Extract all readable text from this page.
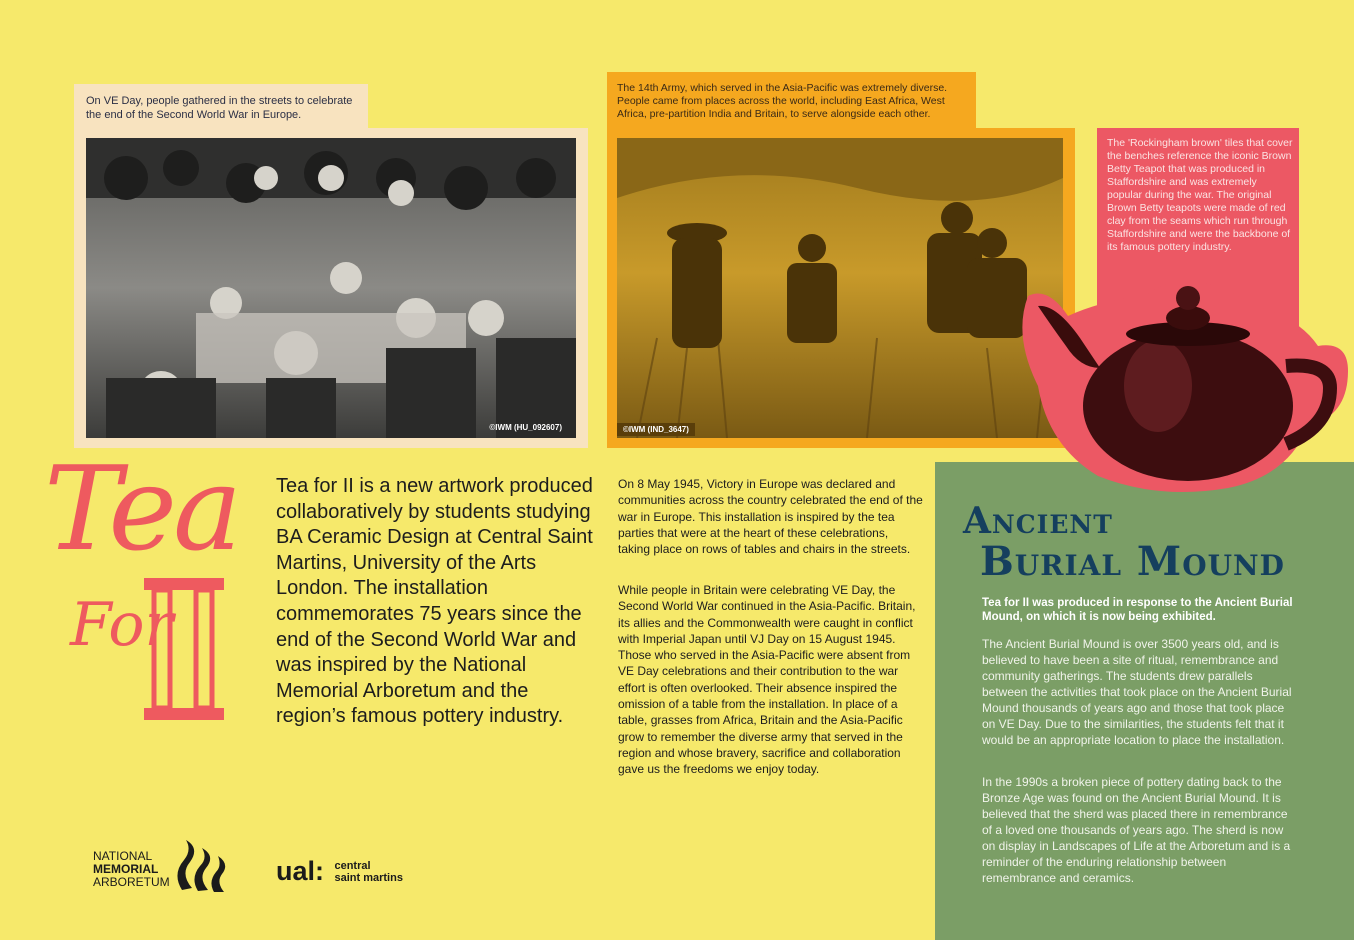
On VE Day, people gathered in the streets to celebrate the end of the Second World War in Europe.
©IWM (HU_092607)
The 14th Army, which served in the Asia-Pacific was extremely diverse. People came from places across the world, including East Africa, West Africa, pre-partition India and Britain, to serve alongside each other.
©IWM (IND_3647)
The 'Rockingham brown' tiles that cover the benches reference the iconic Brown Betty Teapot that was produced in Staffordshire and was extremely popular during the war. The original Brown Betty teapots were made of red clay from the seams which run through Staffordshire and were the backbone of its famous pottery industry.
Ancient
Burial Mound
Tea for II was produced in response to the Ancient Burial Mound, on which it is now being exhibited.
The Ancient Burial Mound is over 3500 years old, and is believed to have been a site of ritual, remembrance and community gatherings. The students drew parallels between the activities that took place on the Ancient Burial Mound thousands of years ago and those that took place on VE Day. Due to the similarities, the students felt that it would be an appropriate location to place the installation.
In the 1990s a broken piece of pottery dating back to the Bronze Age was found on the Ancient Burial Mound. It is believed that the sherd was placed there in remembrance of a loved one thousands of years ago. The sherd is now on display in Landscapes of Life at the Arboretum and is a reminder of the enduring relationship between remembrance and ceramics.
Tea
For
Tea for II is a new artwork produced collaboratively by students studying BA Ceramic Design at Central Saint Martins, University of the Arts London. The installation commemorates 75 years since the end of the Second World War and was inspired by the National Memorial Arboretum and the region’s famous pottery industry.
On 8 May 1945, Victory in Europe was declared and communities across the country celebrated the end of the war in Europe. This installation is inspired by the tea parties that were at the heart of these celebrations, taking place on rows of tables and chairs in the streets.
While people in Britain were celebrating VE Day, the Second World War continued in the Asia-Pacific. Britain, its allies and the Commonwealth were caught in conflict with Imperial Japan until VJ Day on 15 August 1945. Those who served in the Asia-Pacific were absent from VE Day celebrations and their contribution to the war effort is often overlooked. Their absence inspired the omission of a table from the installation. In place of a table, grasses from Africa, Britain and the Asia-Pacific grow to remember the diverse army that served in the region and whose bravery, sacrifice and collaboration gave us the freedoms we enjoy today.
NATIONAL
MEMORIAL
ARBORETUM	ual: central
saint martins
